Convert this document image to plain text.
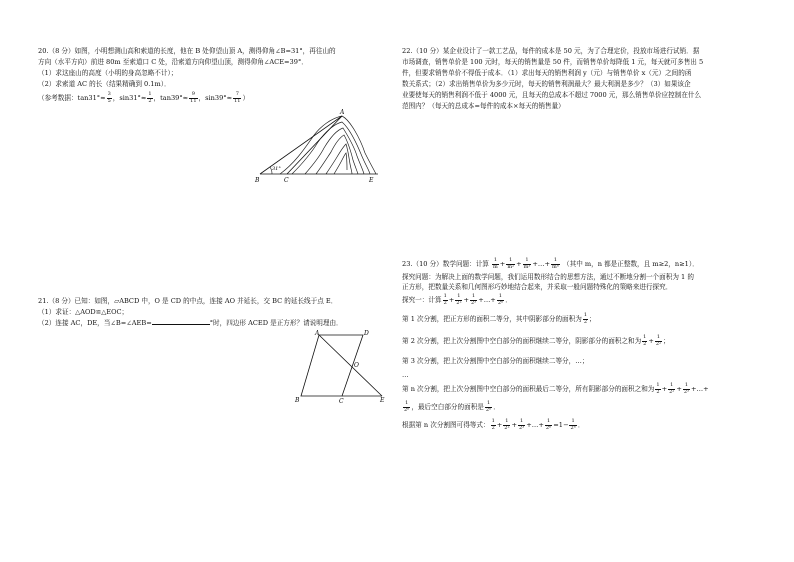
20.（8 分）如图，小明想测山高和索道的长度，他在 B 处仰望山顶 A，测得仰角∠B=31°，再往山的

方向（水平方向）前进 80m 至索道口 C 处，沿索道方向仰望山顶，测得仰角∠ACE=39°．

（1）求这座山的高度（小明的身高忽略不计）；

（2）求索道 AC 的长（结果精确到 0.1m）．

（参考数据：$\tan 31^\circ\approx \frac{3}{5}$ ，$\sin 31^\circ\approx \frac{1}{2}$ ，$\tan 39^\circ\approx \frac{9}{11}$ ，$\sin 39^\circ\approx \frac{7}{11}$ ）

31°
A
B	C	E

21.（8 分）已知：如图，▱ABCD 中，O 是 CD 的中点，连接 AO 并延长，交 BC 的延长线于点 E．

（1）求证：△AOD≌△EOC；

（2）连接 AC，DE，当∠B=∠AEB=	°时，四边形 ACED 是正方形？请说明理由．

A	D
B	C	E
O

22.（10 分）某企业设计了一款工艺品，每件的成本是 50 元，为了合理定价，投放市场进行试销．据

市场调查，销售单价是 100 元时，每天的销售量是 50 件，而销售单价每降低 1 元，每天就可多售出 5

件，但要求销售单价不得低于成本．（1）求出每天的销售利润 y（元）与销售单价 x（元）之间的函

数关系式；（2）求出销售单价为多少元时，每天的销售利润最大？最大利润是多少？（3）如果该企

业要使每天的销售利润不低于 4000 元，且每天的总成本不超过 7000 元，那么销售单价应控制在什么

范围内？（每天的总成本=每件的成本×每天的销售量）

23.（10 分）数学问题：计算 $\frac{1}{m} + \frac{1}{\text{m²}} + \frac{1}{\text{m³}}$ +…+ $\frac{1}{\text{mⁿ}}$ （其中 m，n 都是正整数，且 m≥2，n≥1）．

探究问题：为解决上面的数学问题，我们运用数形结合的思想方法，通过不断地分割一个面积为 1 的

正方形，把数量关系和几何图形巧妙地结合起来，并采取一般问题特殊化的策略来进行探究．

探究一：计算 $\frac{1}{2} + \frac{1}{\text{2²}} + \frac{1}{\text{2³}}$ +…+ $\frac{1}{\text{2ⁿ}}$ ．

第 1 次分割，把正方形的面积二等分，其中阴影部分的面积为 $\frac{1}{2}$ ；

第 2 次分割，把上次分割图中空白部分的面积继续二等分，阴影部分的面积之和为 $\frac{1}{2} + \frac{1}{\text{2²}}$ ；

第 3 次分割，把上次分割图中空白部分的面积继续二等分，…；

…

第 n 次分割，把上次分割图中空白部分的面积最后二等分，所有阴影部分的面积之和为 $\frac{1}{2} + \frac{1}{\text{2²}} + \frac{1}{\text{2³}}$ +…+

$\frac{1}{\text{2ⁿ}}$ ，最后空白部分的面积是 $\frac{1}{\text{2ⁿ}}$ ．

根据第 n 次分割图可得等式： $\frac{1}{2} + \frac{1}{\text{2²}} + \frac{1}{\text{2³}}$ +…+ $\frac{1}{\text{2ⁿ}} =1- \frac{1}{\text{2ⁿ}}$ ．
